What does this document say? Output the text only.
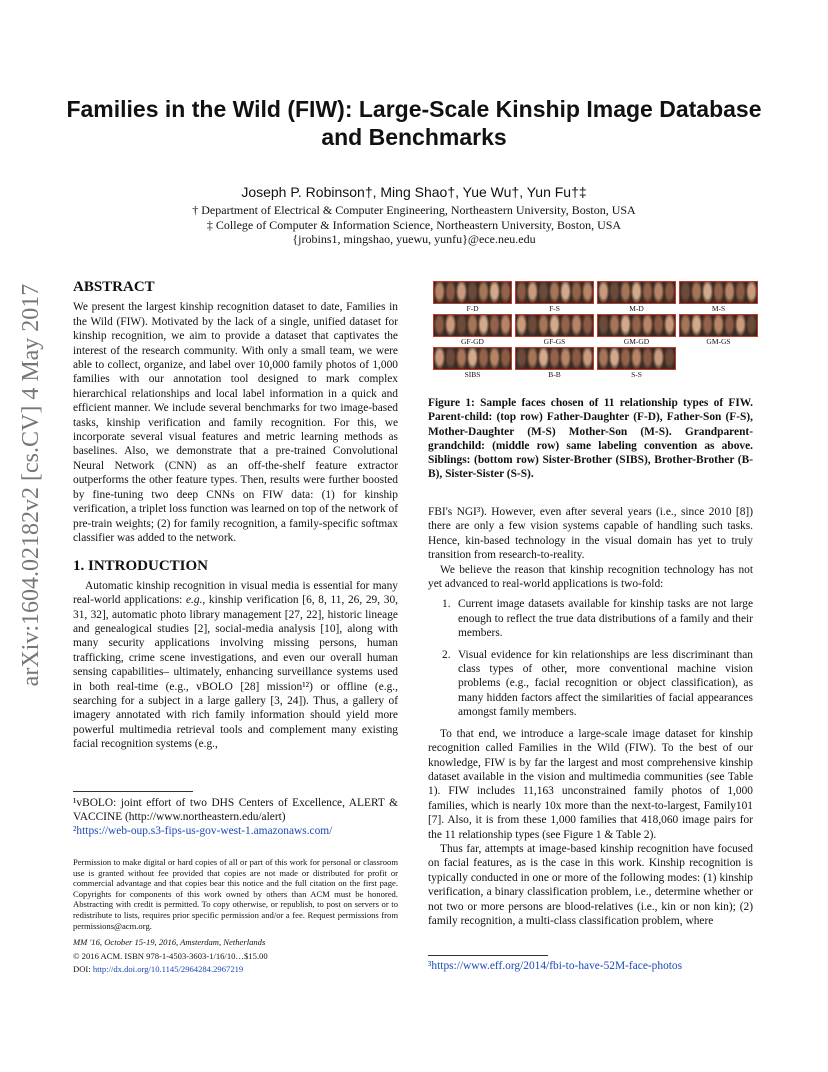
Families in the Wild (FIW): Large-Scale Kinship Image Database and Benchmarks
Joseph P. Robinson†, Ming Shao†, Yue Wu†, Yun Fu†‡
† Department of Electrical & Computer Engineering, Northeastern University, Boston, USA
‡ College of Computer & Information Science, Northeastern University, Boston, USA
{jrobins1, mingshao, yuewu, yunfu}@ece.neu.edu
arXiv:1604.02182v2 [cs.CV] 4 May 2017 ABSTRACT

We present the largest kinship recognition dataset to date, Families in the Wild (FIW). Motivated by the lack of a single, unified dataset for kinship recognition, we aim to provide a dataset that captivates the interest of the research community. With only a small team, we were able to collect, organize, and label over 10,000 family photos of 1,000 families with our annotation tool designed to mark complex hierarchical relationships and local label information in a quick and efficient manner. We include several benchmarks for two image-based tasks, kinship verification and family recognition. For this, we incorporate several visual features and metric learning methods as baselines. Also, we demonstrate that a pre-trained Convolutional Neural Network (CNN) as an off-the-shelf feature extractor outperforms the other feature types. Then, results were further boosted by fine-tuning two deep CNNs on FIW data: (1) for kinship verification, a triplet loss function was learned on top of the network of pre-train weights; (2) for family recognition, a family-specific softmax classifier was added to the network.

1. INTRODUCTION

Automatic kinship recognition in visual media is essential for many real-world applications: e.g., kinship verification [6, 8, 11, 26, 29, 30, 31, 32], automatic photo library management [27, 22], historic lineage and genealogical studies [2], social-media analysis [10], along with many security applications involving missing persons, human trafficking, crime scene investigations, and even our overall human sensing capabilities– ultimately, enhancing surveillance systems used in both real-time (e.g., vBOLO [28] mission¹²) or offline (e.g., searching for a subject in a large gallery [3, 24]). Thus, a gallery of imagery annotated with rich family information should yield more powerful multimedia retrieval tools and complement many existing facial recognition systems (e.g.,

¹vBOLO: joint effort of two DHS Centers of Excellence, ALERT & VACCINE (http://www.northeastern.edu/alert)

²https://web-oup.s3-fips-us-gov-west-1.amazonaws.com/

Permission to make digital or hard copies of all or part of this work for personal or classroom use is granted without fee provided that copies are not made or distributed for profit or commercial advantage and that copies bear this notice and the full citation on the first page. Copyrights for components of this work owned by others than ACM must be honored. Abstracting with credit is permitted. To copy otherwise, or republish, to post on servers or to redistribute to lists, requires prior specific permission and/or a fee. Request permissions from permissions@acm.org.

MM '16, October 15-19, 2016, Amsterdam, Netherlands

© 2016 ACM. ISBN 978-1-4503-3603-1/16/10…$15.00

DOI: http://dx.doi.org/10.1145/2964284.2967219

F-D	F-S	M-D	M-S
GF-GD	GF-GS	GM-GD	GM-GS
SIBS	B-B	S-S

Figure 1: Sample faces chosen of 11 relationship types of FIW. Parent-child: (top row) Father-Daughter (F-D), Father-Son (F-S), Mother-Daughter (M-S) Mother-Son (M-S). Grandparent-grandchild: (middle row) same labeling convention as above. Siblings: (bottom row) Sister-Brother (SIBS), Brother-Brother (B-B), Sister-Sister (S-S).

FBI's NGI³). However, even after several years (i.e., since 2010 [8]) there are only a few vision systems capable of handling such tasks. Hence, kin-based technology in the visual domain has yet to truly transition from research-to-reality.

We believe the reason that kinship recognition technology has not yet advanced to real-world applications is two-fold:

1. Current image datasets available for kinship tasks are not large enough to reflect the true data distributions of a family and their members.
2. Visual evidence for kin relationships are less discriminant than class types of other, more conventional machine vision problems (e.g., facial recognition or object classification), as many hidden factors affect the similarities of facial appearances amongst family members.

To that end, we introduce a large-scale image dataset for kinship recognition called Families in the Wild (FIW). To the best of our knowledge, FIW is by far the largest and most comprehensive kinship dataset available in the vision and multimedia communities (see Table 1). FIW includes 11,163 unconstrained family photos of 1,000 families, which is nearly 10x more than the next-to-largest, Family101 [7]. Also, it is from these 1,000 families that 418,060 image pairs for the 11 relationship types (see Figure 1 & Table 2).

Thus far, attempts at image-based kinship recognition have focused on facial features, as is the case in this work. Kinship recognition is typically conducted in one or more of the following modes: (1) kinship verification, a binary classification problem, i.e., determine whether or not two or more persons are blood-relatives (i.e., kin or non kin); (2) family recognition, a multi-class classification problem, where

³https://www.eff.org/2014/fbi-to-have-52M-face-photos
